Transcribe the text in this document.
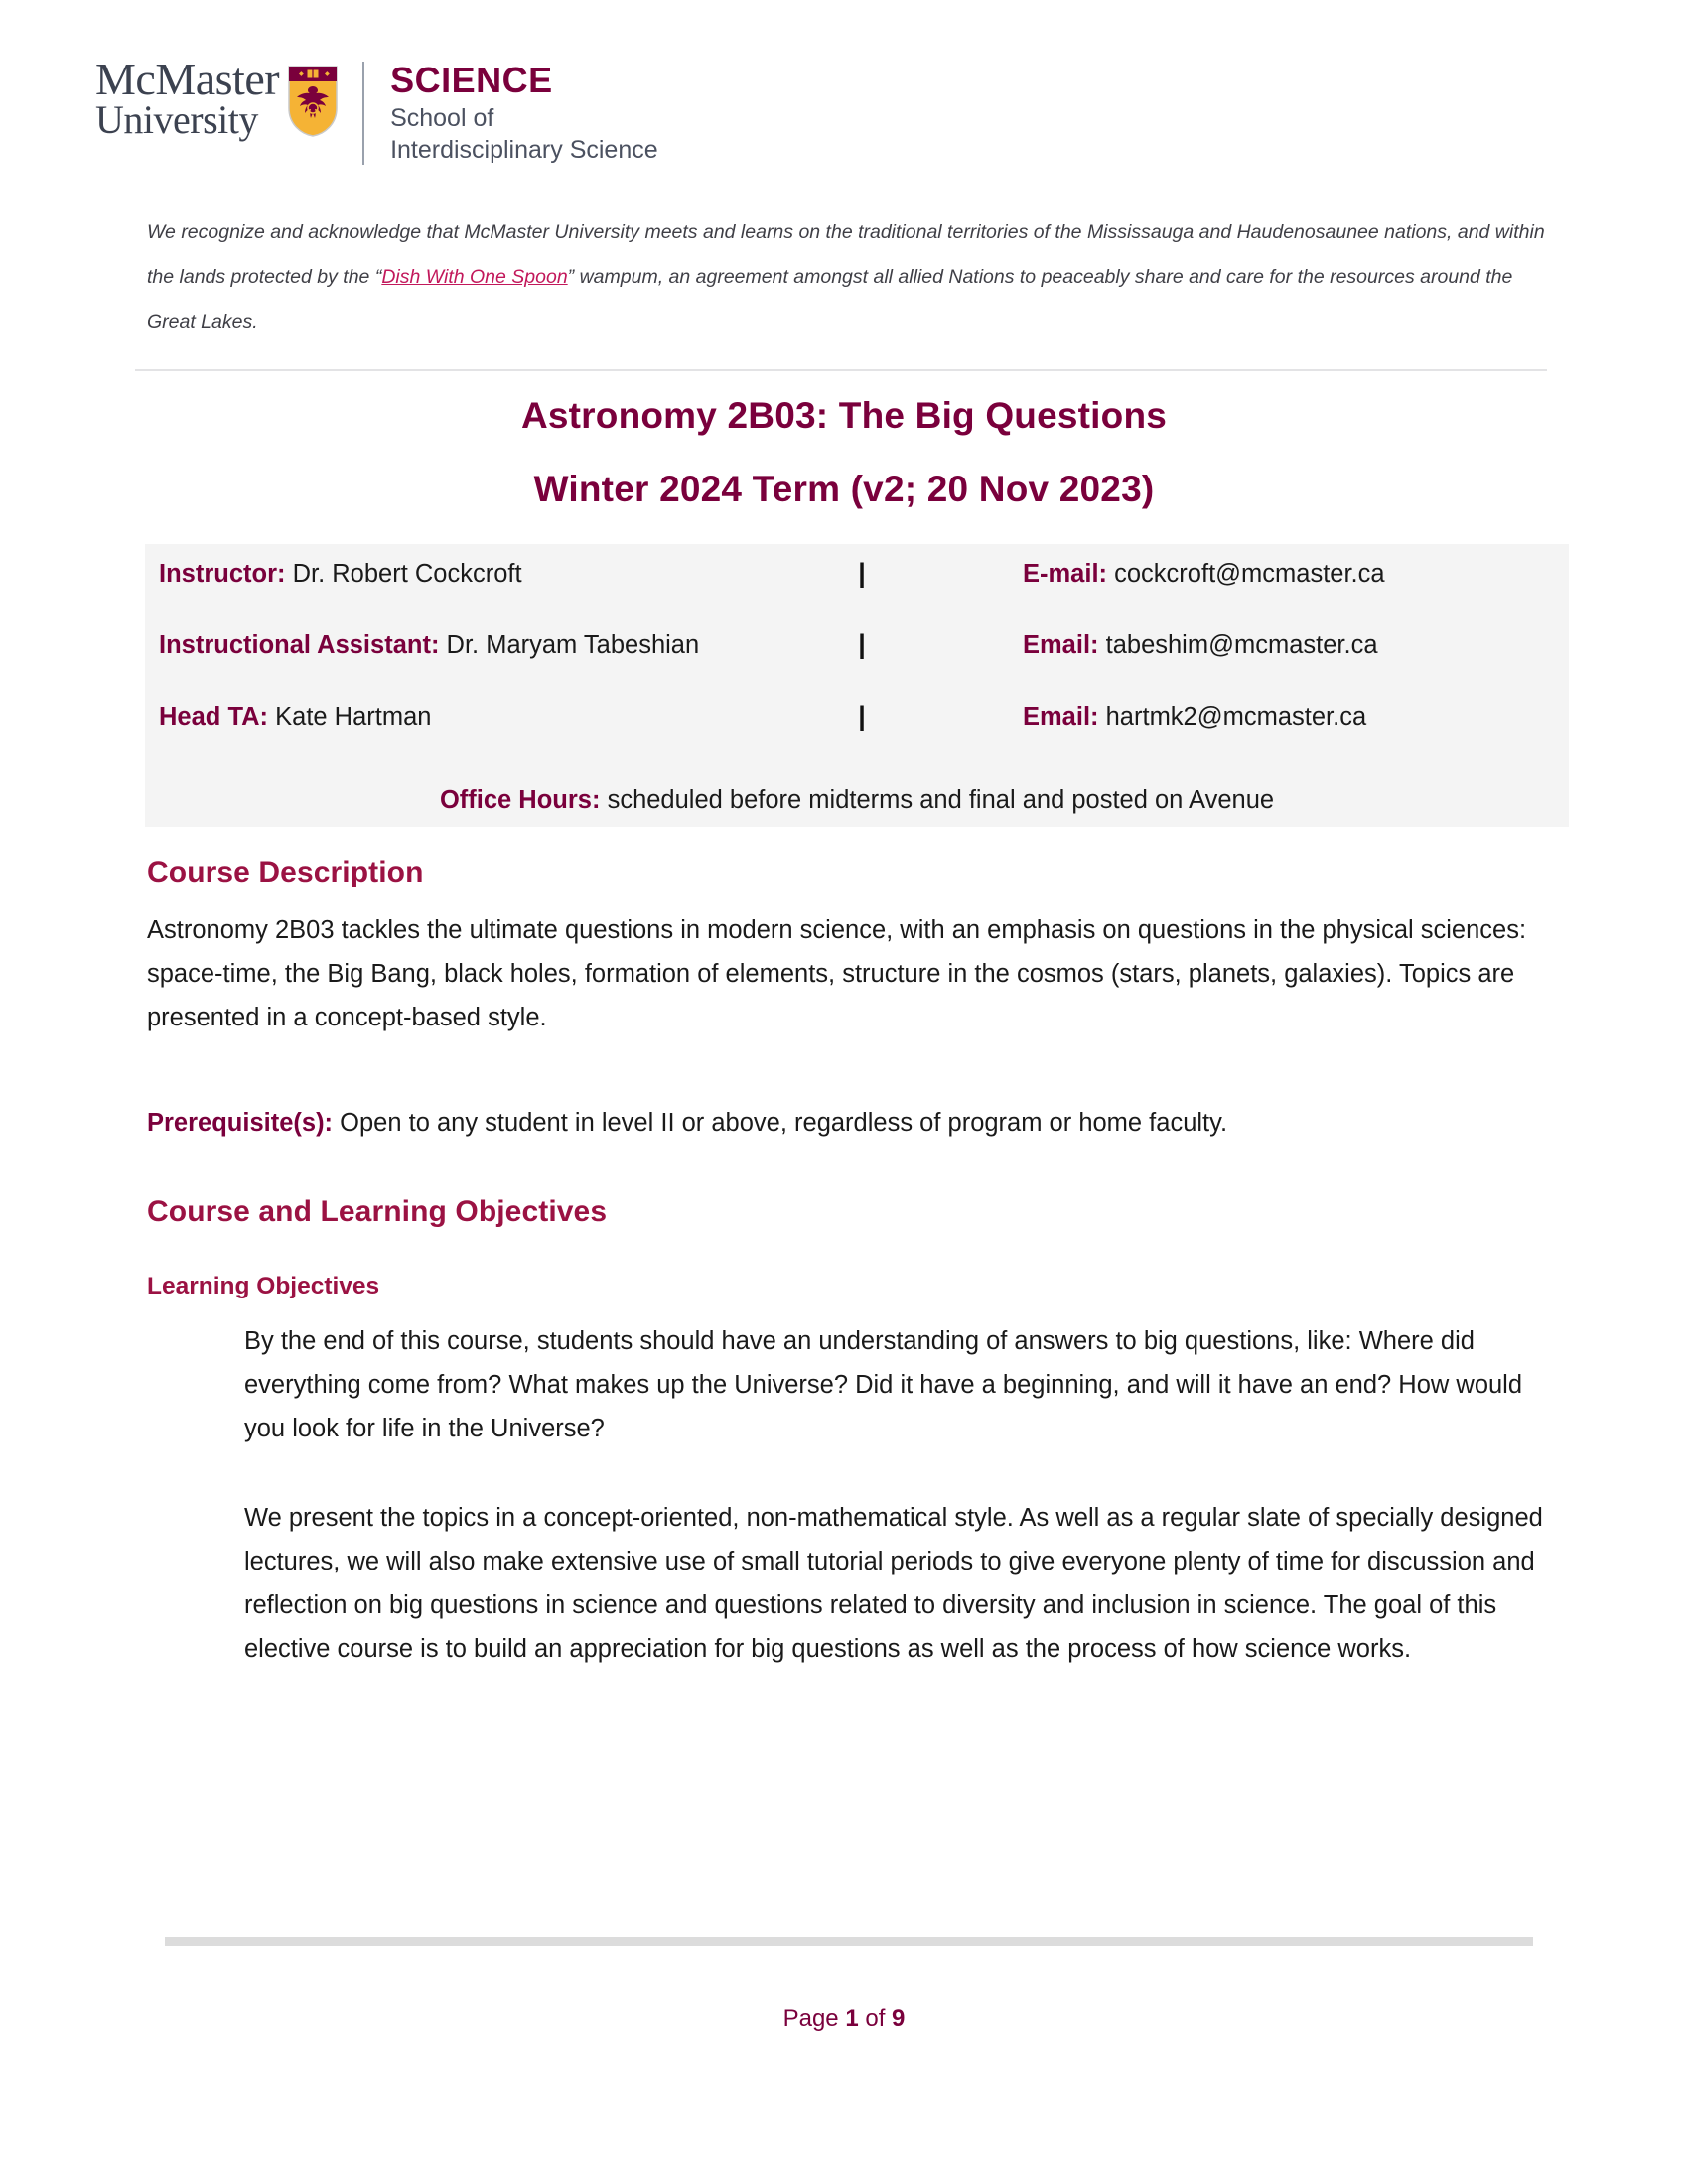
McMaster
University
SCIENCE
School of
Interdisciplinary Science
We recognize and acknowledge that McMaster University meets and learns on the traditional territories of the Mississauga and Haudenosaunee nations, and within the lands protected by the “Dish With One Spoon” wampum, an agreement amongst all allied Nations to peaceably share and care for the resources around the Great Lakes.
Astronomy 2B03: The Big Questions
Winter 2024 Term (v2; 20 Nov 2023)
Instructor: Dr. Robert Cockcroft	|	E-mail: cockcroft@mcmaster.ca
Instructional Assistant: Dr. Maryam Tabeshian	|	Email: tabeshim@mcmaster.ca
Head TA: Kate Hartman	|	Email: hartmk2@mcmaster.ca
Office Hours: scheduled before midterms and final and posted on Avenue
Course Description
Astronomy 2B03 tackles the ultimate questions in modern science, with an emphasis on questions in the physical sciences: space-time, the Big Bang, black holes, formation of elements, structure in the cosmos (stars, planets, galaxies). Topics are presented in a concept-based style.
Prerequisite(s): Open to any student in level II or above, regardless of program or home faculty.
Course and Learning Objectives
Learning Objectives
By the end of this course, students should have an understanding of answers to big questions, like: Where did everything come from? What makes up the Universe? Did it have a beginning, and will it have an end? How would you look for life in the Universe?
We present the topics in a concept-oriented, non-mathematical style. As well as a regular slate of specially designed lectures, we will also make extensive use of small tutorial periods to give everyone plenty of time for discussion and reflection on big questions in science and questions related to diversity and inclusion in science. The goal of this elective course is to build an appreciation for big questions as well as the process of how science works.
Page 1 of 9
